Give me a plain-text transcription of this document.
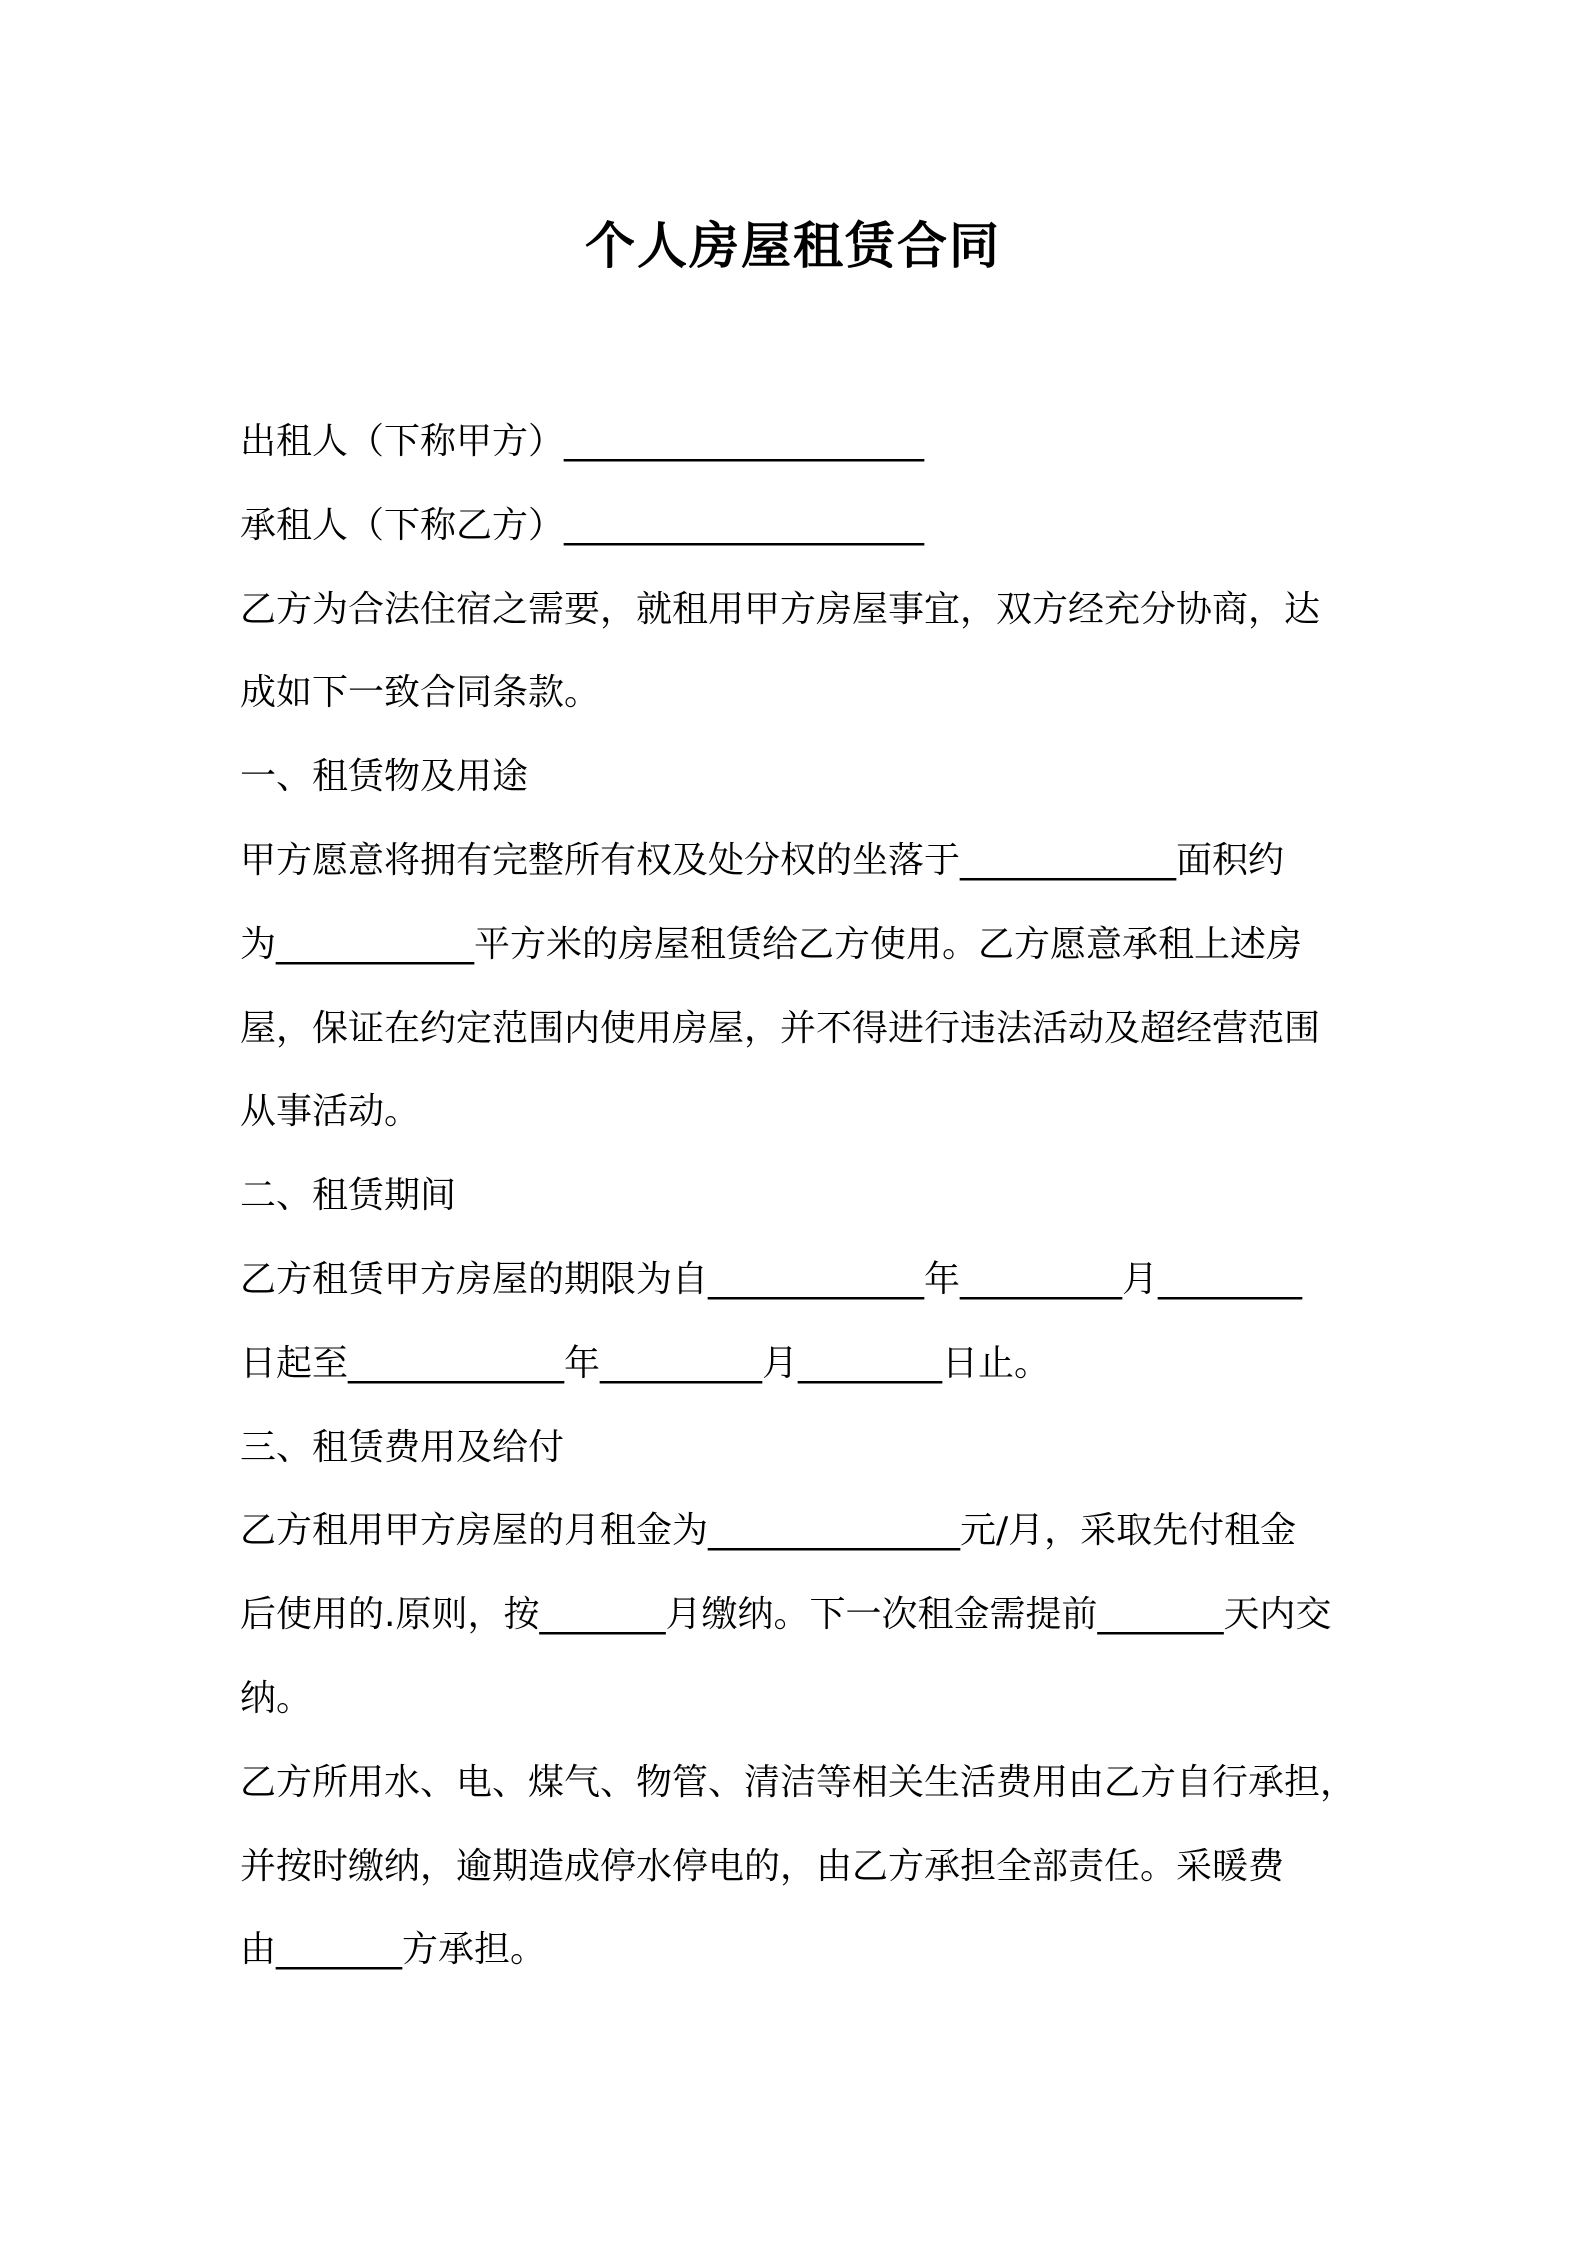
个人房屋租赁合同
出租人（下称甲方）____________________
承租人（下称乙方）____________________
乙方为合法住宿之需要，就租用甲方房屋事宜，双方经充分协商，达
成如下一致合同条款。
一、租赁物及用途
甲方愿意将拥有完整所有权及处分权的坐落于____________面积约
为___________平方米的房屋租赁给乙方使用。乙方愿意承租上述房
屋，保证在约定范围内使用房屋，并不得进行违法活动及超经营范围
从事活动。
二、租赁期间
乙方租赁甲方房屋的期限为自____________年_________月________
日起至____________年_________月________日止。
三、租赁费用及给付
乙方租用甲方房屋的月租金为______________元/月，采取先付租金
后使用的.原则，按_______月缴纳。下一次租金需提前_______天内交
纳。
乙方所用水、电、煤气、物管、清洁等相关生活费用由乙方自行承担，
并按时缴纳，逾期造成停水停电的，由乙方承担全部责任。采暖费
由_______方承担。
